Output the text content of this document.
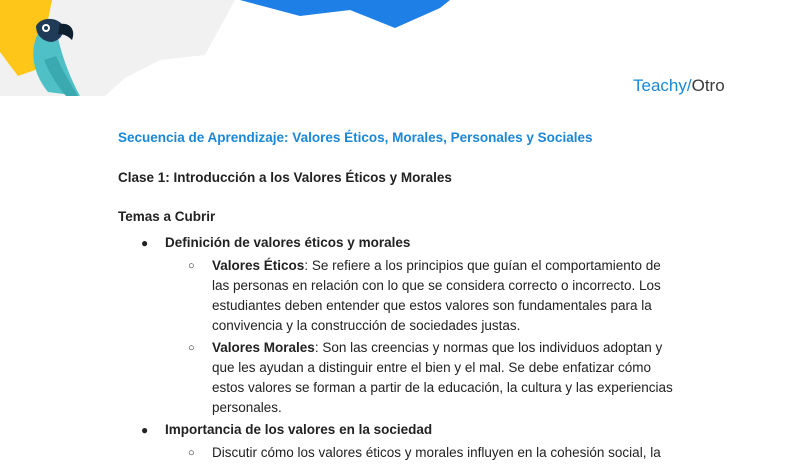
Teachy/Otro

Secuencia de Aprendizaje: Valores Éticos, Morales, Personales y Sociales

Clase 1: Introducción a los Valores Éticos y Morales

Temas a Cubrir

● Definición de valores éticos y morales
○ Valores Éticos: Se refiere a los principios que guían el comportamiento de las personas en relación con lo que se considera correcto o incorrecto. Los estudiantes deben entender que estos valores son fundamentales para la convivencia y la construcción de sociedades justas.
○ Valores Morales: Son las creencias y normas que los individuos adoptan y que les ayudan a distinguir entre el bien y el mal. Se debe enfatizar cómo estos valores se forman a partir de la educación, la cultura y las experiencias personales.
● Importancia de los valores en la sociedad
○ Discutir cómo los valores éticos y morales influyen en la cohesión social, la
